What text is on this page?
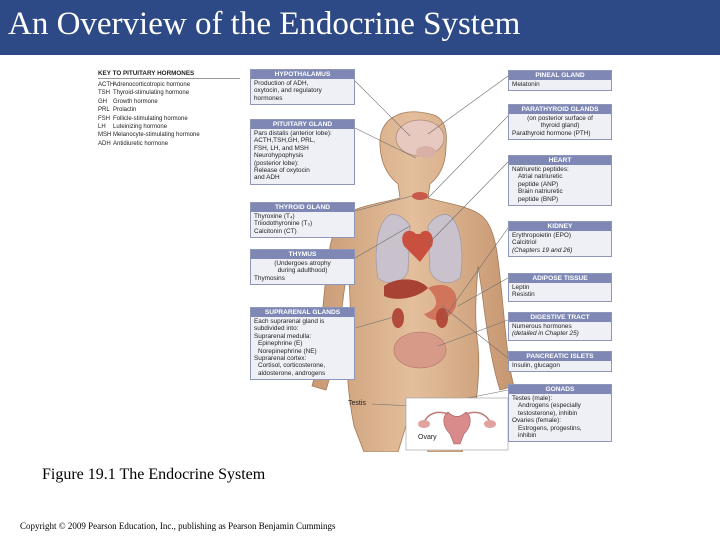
An Overview of the Endocrine System
KEY TO PITUITARY HORMONES
ACTH
Adrenocorticotropic hormone
TSH Thyroid-stimulating hormone
GH	Growth hormone
PRL Prolactin
FSH Follicle-stimulating hormone
LH	Luteinizing hormone
MSH Melanocyte-stimulating hormone
ADH Antidiuretic hormone
HYPOTHALAMUS
Production of ADH,
oxytocin, and regulatory
hormones
PITUITARY GLAND
Pars distalis (anterior lobe):
ACTH,TSH,GH, PRL,
FSH, LH, and MSH
Neurohypophysis
(posterior lobe):
Release of oxytocin
and ADH
THYROID GLAND
Thyroxine (T₄)
Triiodothyronine (T₃)
Calcitonin (CT)
THYMUS
(Undergoes atrophy
during adulthood)
Thymosins
SUPRARENAL GLANDS
Each suprarenal gland is
subdivided into:
Suprarenal medulla:
Epinephrine (E)
Norepinephrine (NE)
Suprarenal cortex:
Cortisol, corticosterone,
aldosterone, androgens
PINEAL GLAND
Melatonin
PARATHYROID GLANDS
(on posterior surface of
thyroid gland)
Parathyroid hormone (PTH)
HEART
Natriuretic peptides:
Atrial natriuretic
peptide (ANP)
Brain natriuretic
peptide (BNP)
KIDNEY
Erythropoietin (EPO)
Calcitriol
(Chapters 19 and 26)
ADIPOSE TISSUE
Leptin
Resistin
DIGESTIVE TRACT
Numerous hormones
(detailed in Chapter 25)
PANCREATIC ISLETS
Insulin, glucagon
GONADS
Testes (male):
Androgens (especially
testosterone), inhibin
Ovaries (female):
Estrogens, progestins,
inhibin
Testis
Ovary
Figure 19.1 The Endocrine System
Copyright © 2009 Pearson Education, Inc., publishing as Pearson Benjamin Cummings
